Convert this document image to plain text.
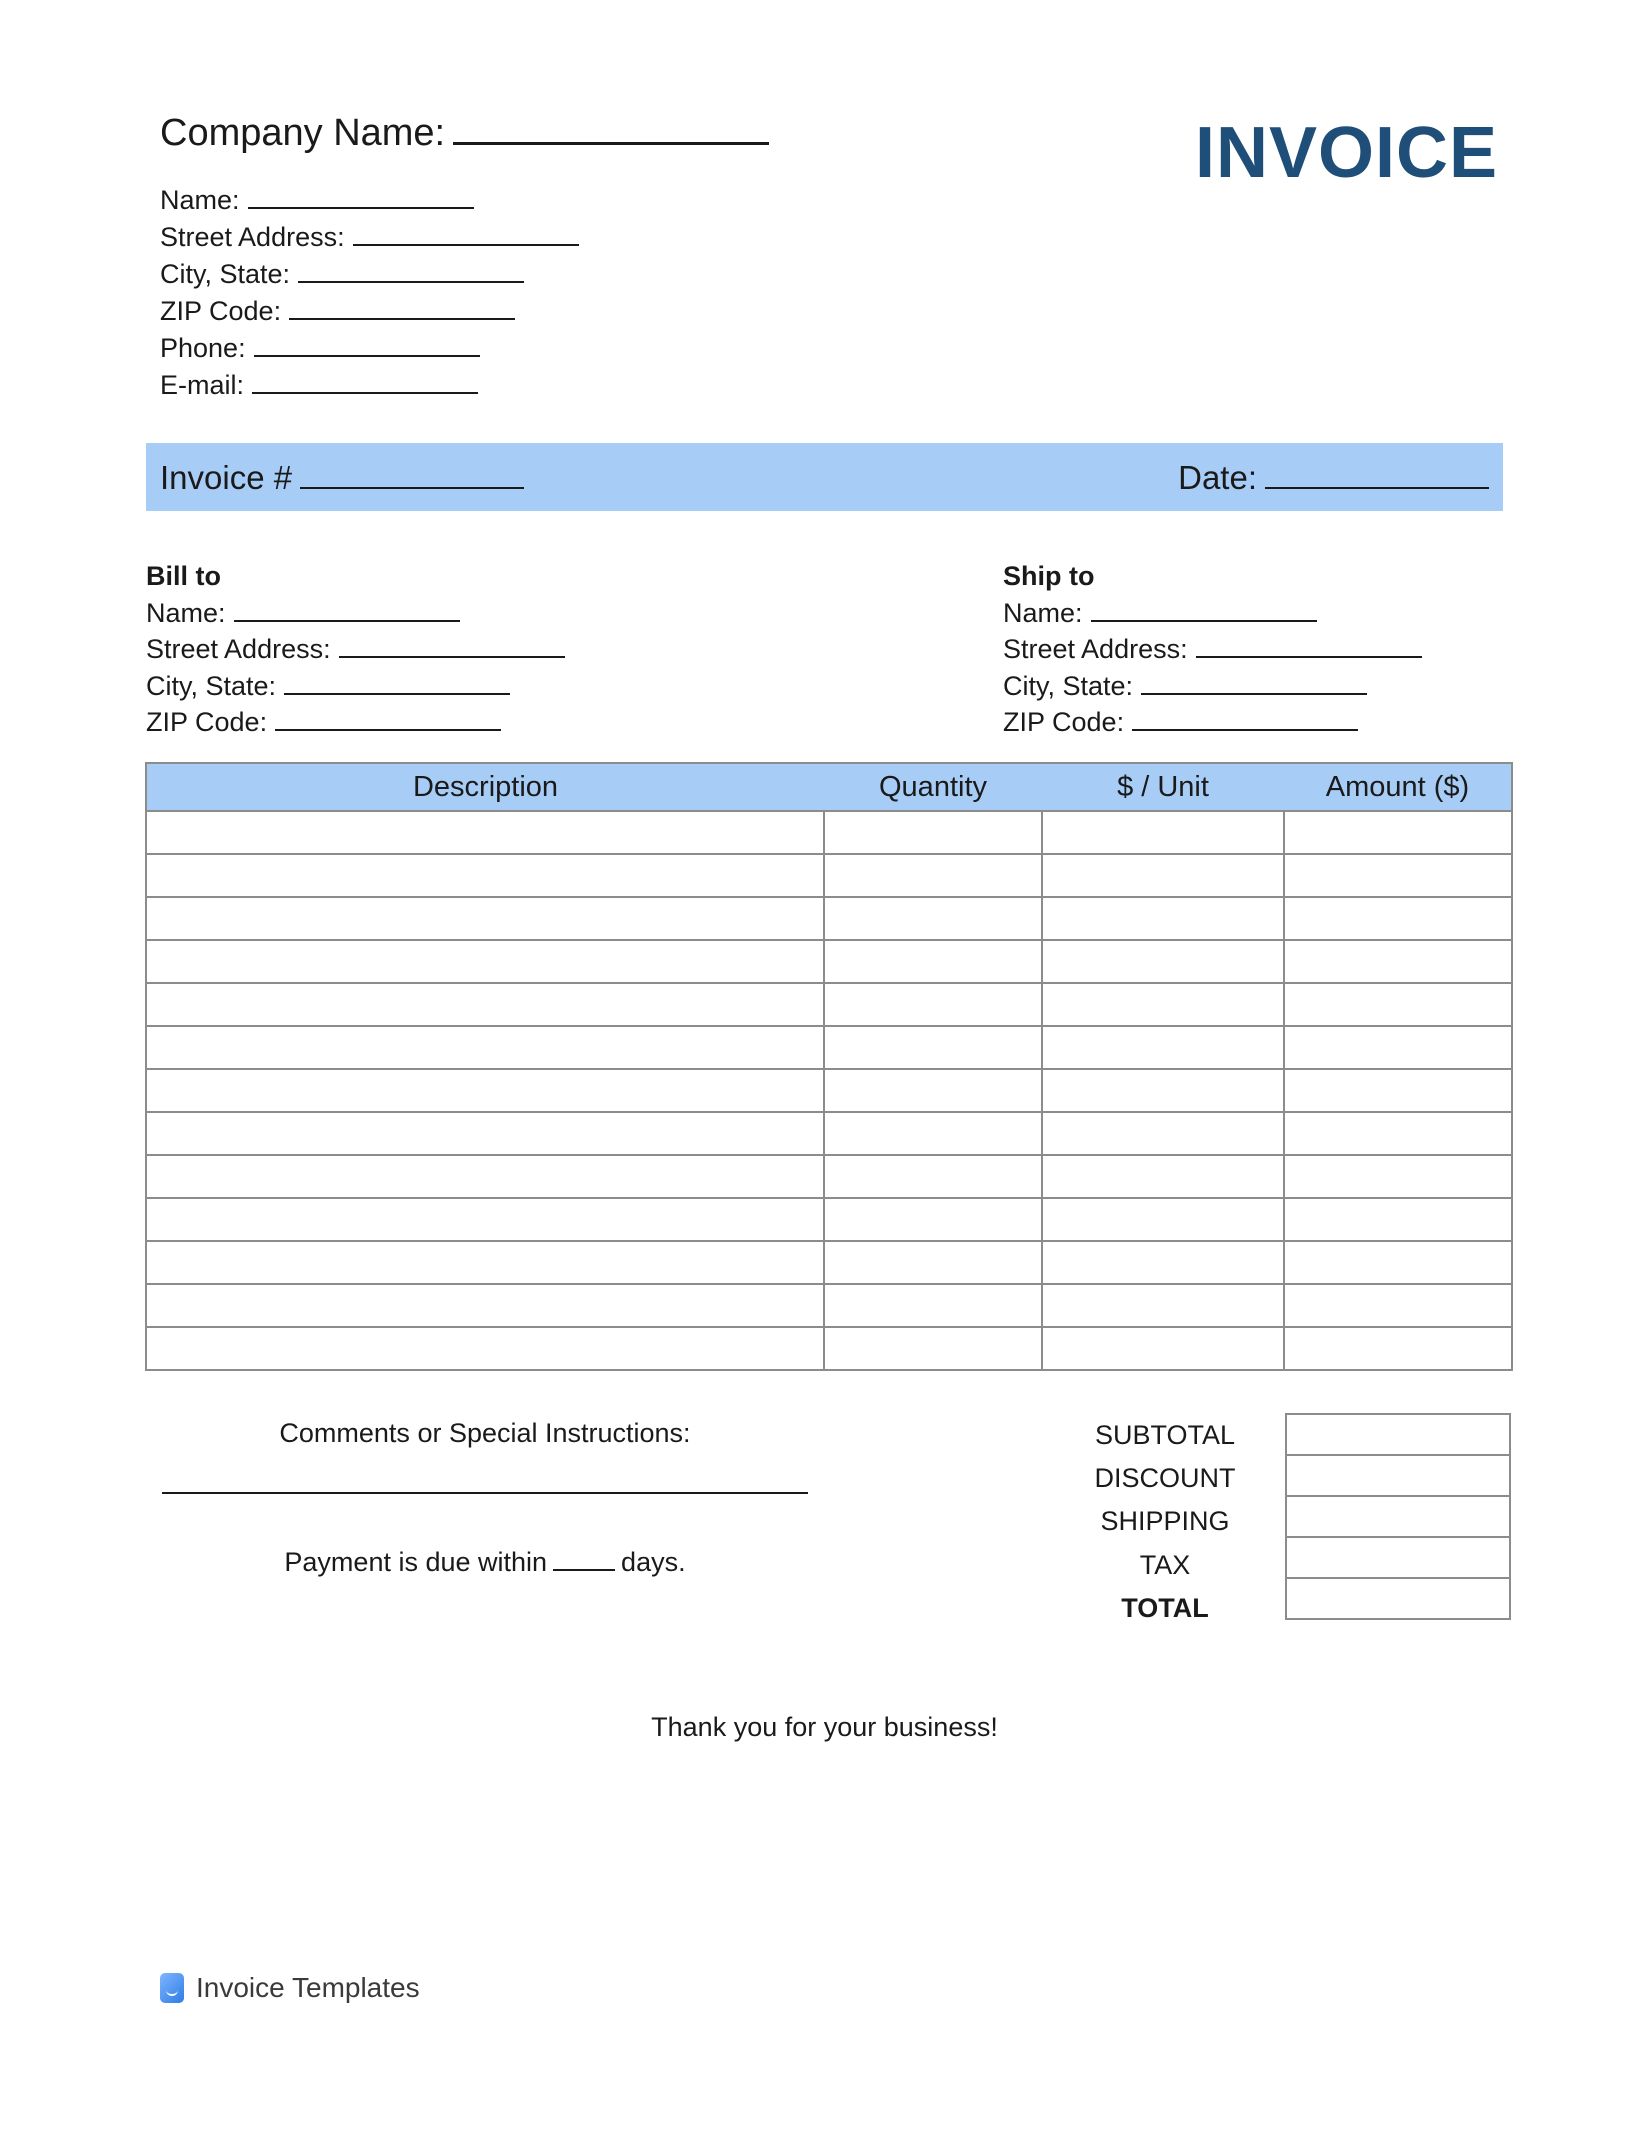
Company Name:	INVOICE
Name:
Street Address:
City, State:
ZIP Code:
Phone:
E-mail:
Invoice #	Date:
Bill to
Name:
Street Address:
City, State:
ZIP Code:
Ship to
Name:
Street Address:
City, State:
ZIP Code:
Description	Quantity	$ / Unit	Amount ($)

Comments or Special Instructions:
Payment is due within	days.
SUBTOTAL
DISCOUNT
SHIPPING
TAX
TOTAL

Thank you for your business!
Invoice Templates
